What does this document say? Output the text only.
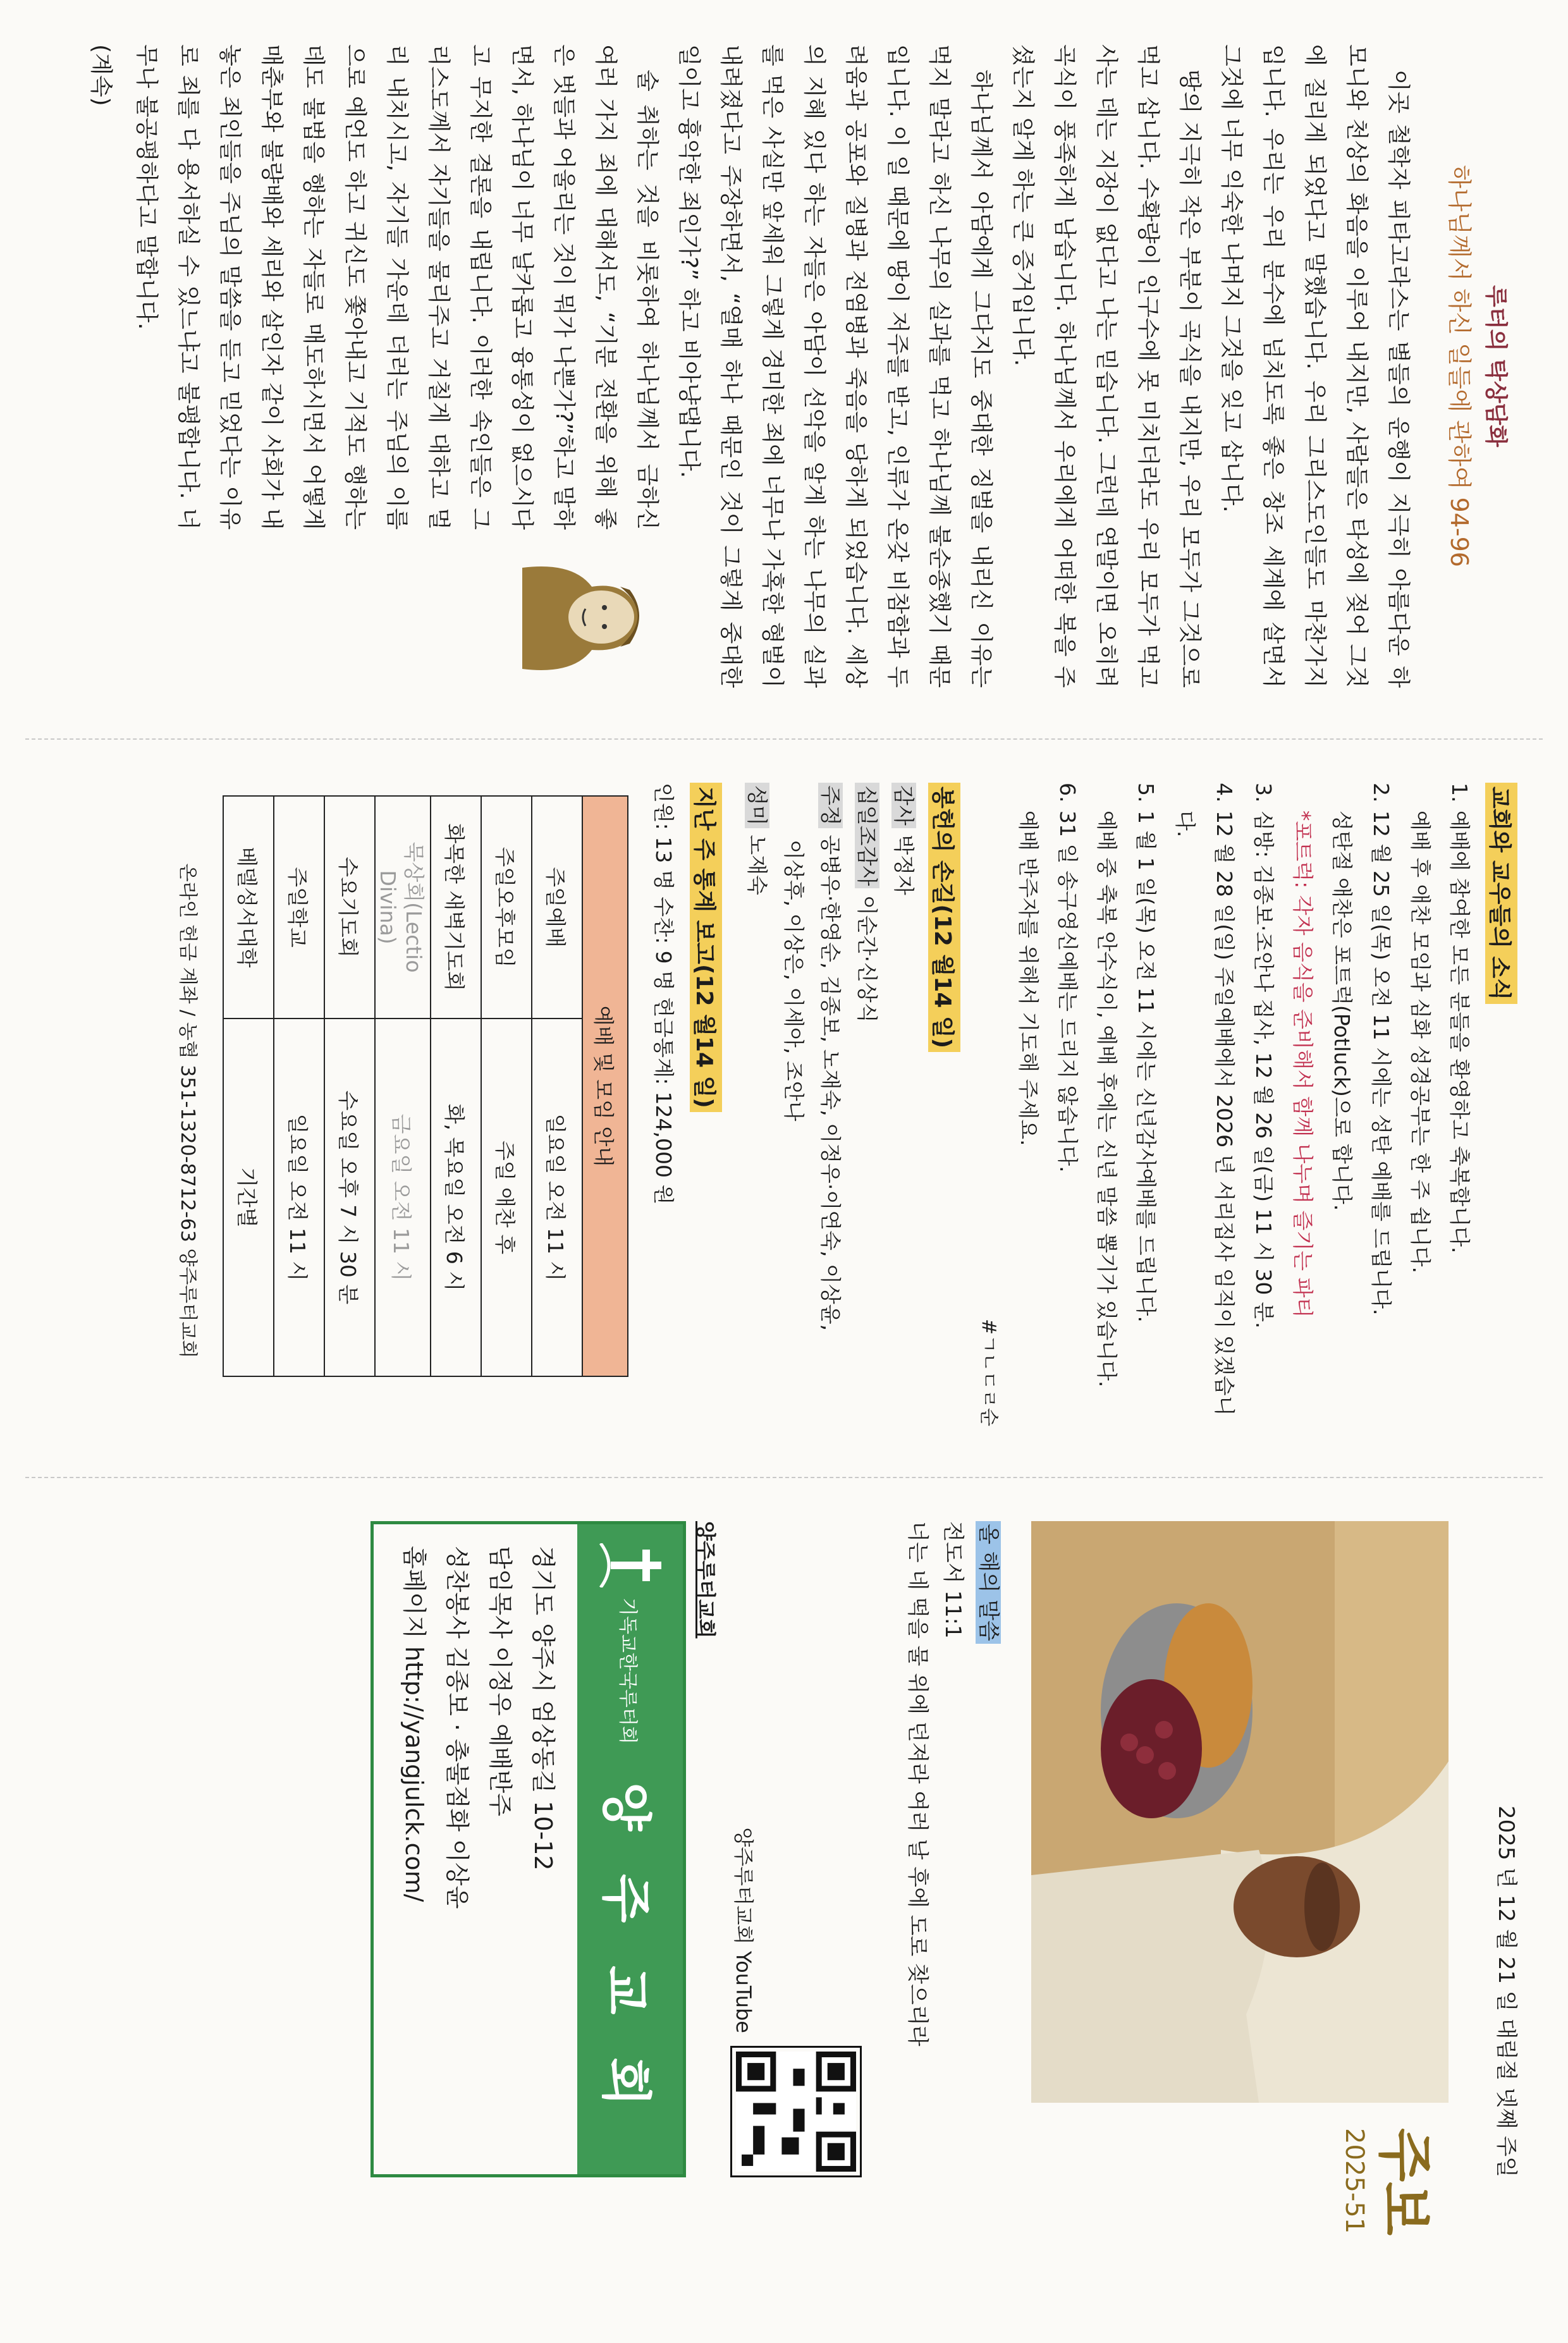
루터의 탁상담화
하나님께서 하신 일들에 관하여 94-96

이곳 철학자 피타고라스는 별들의 운행이 지극히 아름다운 하모니와 천상의 화음을 이루어 내지만, 사람들은 타성에 젖어 그것에 질리게 되었다고 말했습니다. 우리 그리스도인들도 마찬가지입니다. 우리는 우리 분수에 넘치도록 좋은 창조 세계에 살면서 그것에 너무 익숙한 나머지 그것을 잊고 삽니다.

땅의 지극히 작은 부분이 곡식을 내지만, 우리 모두가 그것으로 먹고 삽니다. 수확량이 인구수에 못 미치더라도 우리 모두가 먹고 사는 데는 지장이 없다고 나는 믿습니다. 그런데 연말이면 오히려 곡식이 풍족하게 남습니다. 하나님께서 우리에게 어떠한 복을 주셨는지 알게 하는 큰 증거입니다.

하나님께서 아담에게 그다지도 중대한 징벌을 내리신 이유는 먹지 말라고 하신 나무의 실과를 먹고 하나님께 불순종했기 때문입니다. 이 일 때문에 땅이 저주를 받고, 인류가 온갖 비참함과 두려움과 공포와 질병과 전염병과 죽음을 당하게 되었습니다. 세상의 지혜 있다 하는 자들은 아담이 선악을 알게 하는 나무의 실과를 먹은 사실만 앞세워 그렇게 경미한 죄에 너무나 가혹한 형벌이 내려졌다고 주장하면서, “열매 하나 때문인 것이 그렇게 중대한 일이고 흉악한 죄인가?” 하고 비아냥댑니다.

술 취하는 것을 비롯하여 하나님께서 금하신 여러 가지 죄에 대해서도, “기분 전환을 위해 좋은 벗들과 어울리는 것이 뭐가 나쁜가?”하고 말하면서, 하나님이 너무 날카롭고 융통성이 없으시다고 무지한 결론을 내립니다. 이러한 속인들은 그리스도께서 자기들을 물리주고 거칠게 대하고 멀리 내치시고, 자기들 가운데 더러는 주님의 이름으로 예언도 하고 귀신도 쫓아내고 기적도 행하는데도 불법을 행하는 자들로 매도하시면서 어떻게 매춘부와 불량배와 세리와 살인자 같이 사회가 내 놓은 죄인들을 주님의 말씀을 듣고 믿었다는 이유로 죄를 다 용서하실 수 있느냐고 불평합니다. 너무나 불공평하다고 말합니다.

(계속)
교회와 교우들의 소식
1.
예배에 참여한 모든 분들을 환영하고 축복합니다.
예배 후 애찬 모임과 심화 성경공부는 한 주 쉽니다.
2.
12 월 25 일(목) 오전 11 시에는 성탄 예배를 드립니다.
성탄절 애찬은 포트럭(Potluck)으로 합니다.
*포트럭: 각자 음식을 준비해서 함께 나누며 즐기는 파티
3.
심방: 김종보·조안나 집사, 12 월 26 일(금) 11 시 30 분.
4.
12 월 28 일(일) 주일예배에서 2026 년 서리집사 임직이 있겠습니다.
5.
1 월 1 일(목) 오전 11 시에는 신년감사예배를 드립니다.
예배 중 축복 안수식이, 예배 후에는 신년 말씀 뽑기가 있습니다.
6.
31 일 송구영신예배는 드리지 않습니다.
예배 반주자를 위해서 기도해 주세요.
#ㄱㄴㄷㄹ순
봉헌의 손길(12 월14 일)
감사 박정자
십일조감사 이순간·신상식
주정 공병우·한영순, 김종보, 노재숙, 이정우·이연숙, 이상윤,
이상후, 이상은, 이세아, 조안나
성미 노재숙
지난 주 통계 보고(12 월14 일)
인원: 13 명 수찬: 9 명 헌금통계: 124,000 원
예배 및 모임 안내	
주일예배	일요일 오전 11 시
주일오후모임	주일 애찬 후
화목한 새벽기도회	화, 목요일 오전 6 시
묵상회(Lectio Divina)	금요일 오전 11 시
수요기도회	수요일 오후 7 시 30 분
주일학교	일요일 오전 11 시
베델성서대학	기간별
온라인 헌금 계좌 / 농협 351-1320-8712-63 양주루터교회
2025 년 12 월 21 일 대림절 넷째 주일
주보
2025-51
올 해의 말씀
전도서 11:1
너는 네 떡을 물 위에 던져라 여러 날 후에 도로 찾으리라
양주루터교회 YouTube
양주루터교회
기독교한국루터회
양 주 교 회
경기도 양주시 엄상동길 10-12
담임목사 이정우 예배반주
성찬봉사 김종보 · 총불점화 이상윤
홈페이지 http://yangjulck.com/
